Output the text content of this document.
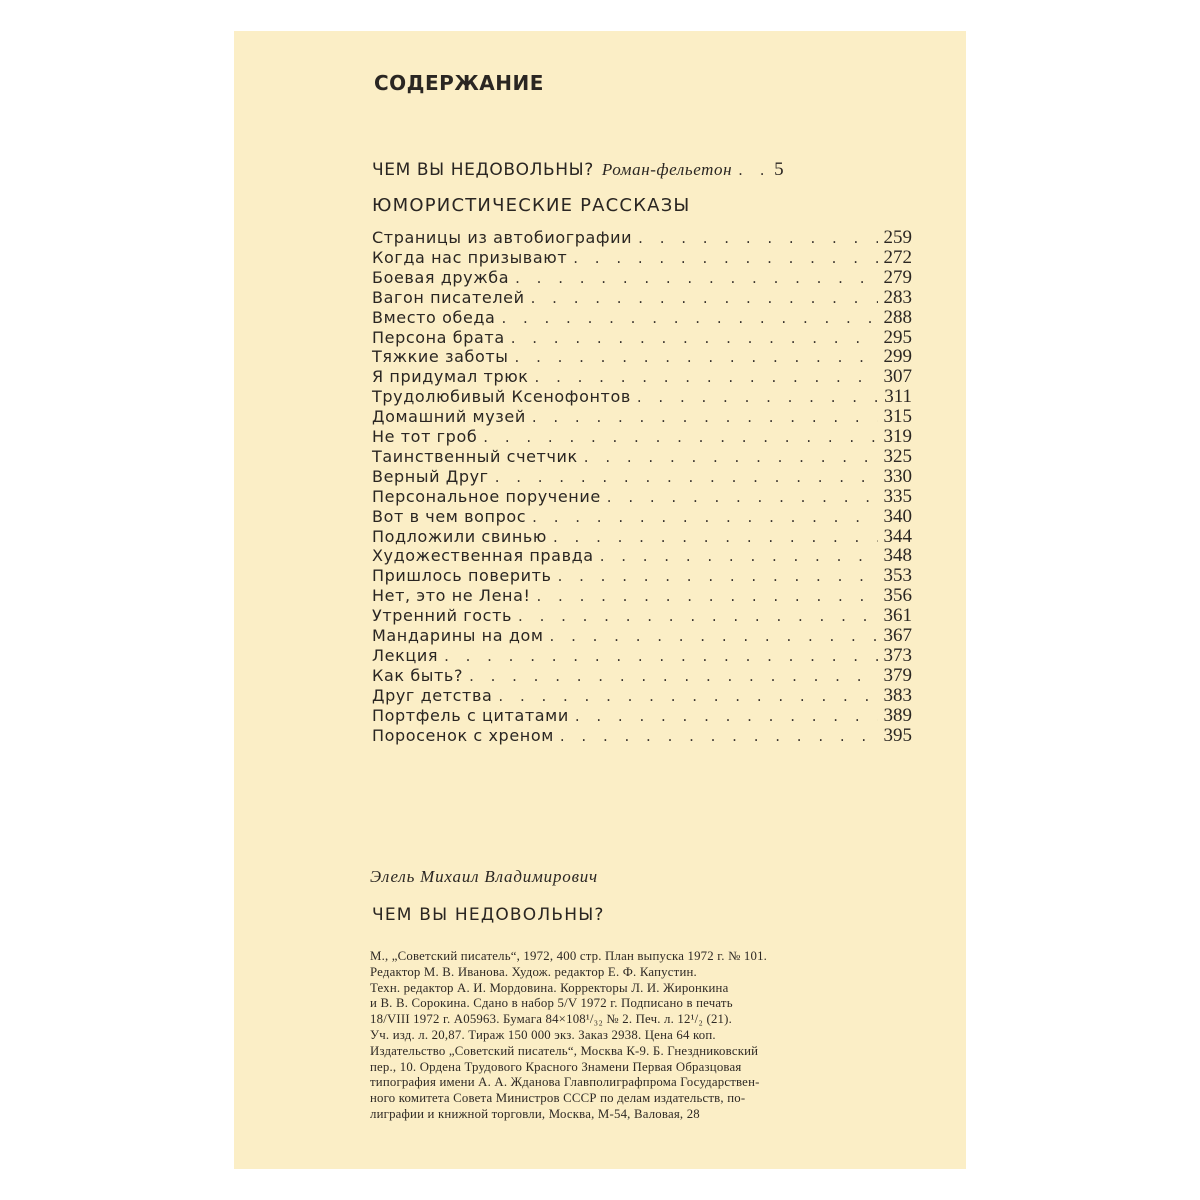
СОДЕРЖАНИЕ
ЧЕМ ВЫ НЕДОВОЛЬНЫ? Роман-фельетон . . . 5
ЮМОРИСТИЧЕСКИЕ РАССКАЗЫ
Страницы из автобиографии . . .	259
Когда нас призывают . . .	272
Боевая дружба . . .	279
Вагон писателей . . .	283
Вместо обеда . . .	288
Персона брата . . .	295
Тяжкие заботы . . .	299
Я придумал трюк . . .	307
Трудолюбивый Ксенофонтов . . .	311
Домашний музей . . .	315
Не тот гроб . . .	319
Таинственный счетчик . . .	325
Верный Друг . . .	330
Персональное поручение . . .	335
Вот в чем вопрос . . .	340
Подложили свинью . . .	344
Художественная правда . . .	348
Пришлось поверить . . .	353
Нет, это не Лена! . . .	356
Утренний гость . . .	361
Мандарины на дом . . .	367
Лекция . . .	373
Как быть? . . .	379
Друг детства . . .	383
Портфель с цитатами . . .	389
Поросенок с хреном . . .	395
Элель Михаил Владимирович
ЧЕМ ВЫ НЕДОВОЛЬНЫ?
М., „Советский писатель“, 1972, 400 стр. План выпуска 1972 г. № 101.
Редактор М. В. Иванова. Худож. редактор Е. Ф. Капустин.
Техн. редактор А. И. Мордовина. Корректоры Л. И. Жиронкина
и В. В. Сорокина. Сдано в набор 5/V 1972 г. Подписано в печать
18/VIII 1972 г. А05963. Бумага 84×108¹/₃₂ № 2. Печ. л. 12¹/₂ (21).
Уч. изд. л. 20,87. Тираж 150 000 экз. Заказ 2938. Цена 64 коп.
Издательство „Советский писатель“, Москва К-9. Б. Гнездниковский
пер., 10. Ордена Трудового Красного Знамени Первая Образцовая
типография имени А. А. Жданова Главполиграфпрома Государствен-
ного комитета Совета Министров СССР по делам издательств, по-
лиграфии и книжной торговли, Москва, М-54, Валовая, 28
